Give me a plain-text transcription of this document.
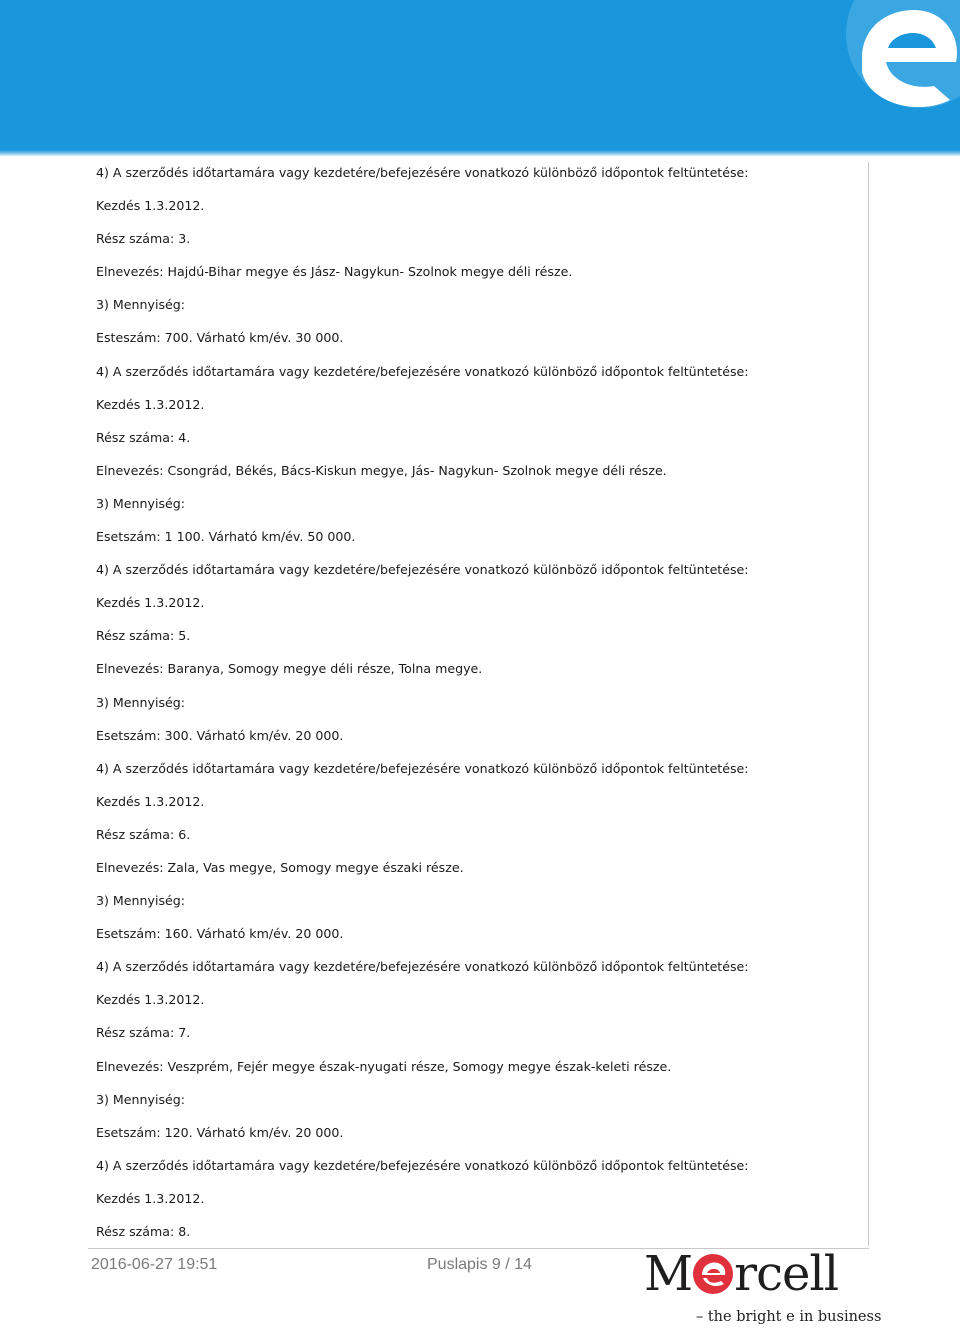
4) A szerződés időtartamára vagy kezdetére/befejezésére vonatkozó különböző időpontok feltüntetése:
Kezdés 1.3.2012.
Rész száma: 3.
Elnevezés: Hajdú-Bihar megye és Jász- Nagykun- Szolnok megye déli része.
3) Mennyiség:
Esteszám: 700. Várható km/év. 30 000.
4) A szerződés időtartamára vagy kezdetére/befejezésére vonatkozó különböző időpontok feltüntetése:
Kezdés 1.3.2012.
Rész száma: 4.
Elnevezés: Csongrád, Békés, Bács-Kiskun megye, Jás- Nagykun- Szolnok megye déli része.
3) Mennyiség:
Esetszám: 1 100. Várható km/év. 50 000.
4) A szerződés időtartamára vagy kezdetére/befejezésére vonatkozó különböző időpontok feltüntetése:
Kezdés 1.3.2012.
Rész száma: 5.
Elnevezés: Baranya, Somogy megye déli része, Tolna megye.
3) Mennyiség:
Esetszám: 300. Várható km/év. 20 000.
4) A szerződés időtartamára vagy kezdetére/befejezésére vonatkozó különböző időpontok feltüntetése:
Kezdés 1.3.2012.
Rész száma: 6.
Elnevezés: Zala, Vas megye, Somogy megye északi része.
3) Mennyiség:
Esetszám: 160. Várható km/év. 20 000.
4) A szerződés időtartamára vagy kezdetére/befejezésére vonatkozó különböző időpontok feltüntetése:
Kezdés 1.3.2012.
Rész száma: 7.
Elnevezés: Veszprém, Fejér megye észak-nyugati része, Somogy megye észak-keleti része.
3) Mennyiség:
Esetszám: 120. Várható km/év. 20 000.
4) A szerződés időtartamára vagy kezdetére/befejezésére vonatkozó különböző időpontok feltüntetése:
Kezdés 1.3.2012.
Rész száma: 8.
2016-06-27 19:51	Puslapis 9 / 14 M rcell
– the bright e in business
